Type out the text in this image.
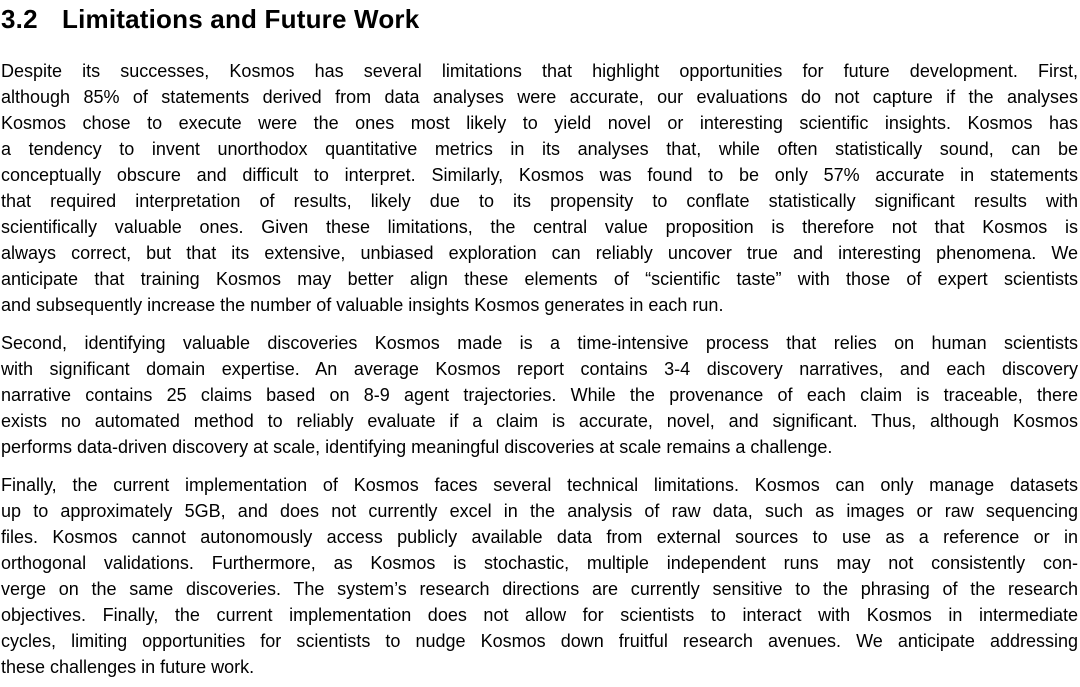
3.2 Limitations and Future Work
Despite its successes, Kosmos has several limitations that highlight opportunities for future development. First,
although 85% of statements derived from data analyses were accurate, our evaluations do not capture if the analyses
Kosmos chose to execute were the ones most likely to yield novel or interesting scientific insights. Kosmos has
a tendency to invent unorthodox quantitative metrics in its analyses that, while often statistically sound, can be
conceptually obscure and difficult to interpret. Similarly, Kosmos was found to be only 57% accurate in statements
that required interpretation of results, likely due to its propensity to conflate statistically significant results with
scientifically valuable ones. Given these limitations, the central value proposition is therefore not that Kosmos is
always correct, but that its extensive, unbiased exploration can reliably uncover true and interesting phenomena. We
anticipate that training Kosmos may better align these elements of “scientific taste” with those of expert scientists
and subsequently increase the number of valuable insights Kosmos generates in each run.
Second, identifying valuable discoveries Kosmos made is a time-intensive process that relies on human scientists
with significant domain expertise. An average Kosmos report contains 3-4 discovery narratives, and each discovery
narrative contains 25 claims based on 8-9 agent trajectories. While the provenance of each claim is traceable, there
exists no automated method to reliably evaluate if a claim is accurate, novel, and significant. Thus, although Kosmos
performs data-driven discovery at scale, identifying meaningful discoveries at scale remains a challenge.
Finally, the current implementation of Kosmos faces several technical limitations. Kosmos can only manage datasets
up to approximately 5GB, and does not currently excel in the analysis of raw data, such as images or raw sequencing
files. Kosmos cannot autonomously access publicly available data from external sources to use as a reference or in
orthogonal validations. Furthermore, as Kosmos is stochastic, multiple independent runs may not consistently con-
verge on the same discoveries. The system’s research directions are currently sensitive to the phrasing of the research
objectives. Finally, the current implementation does not allow for scientists to interact with Kosmos in intermediate
cycles, limiting opportunities for scientists to nudge Kosmos down fruitful research avenues. We anticipate addressing
these challenges in future work.
